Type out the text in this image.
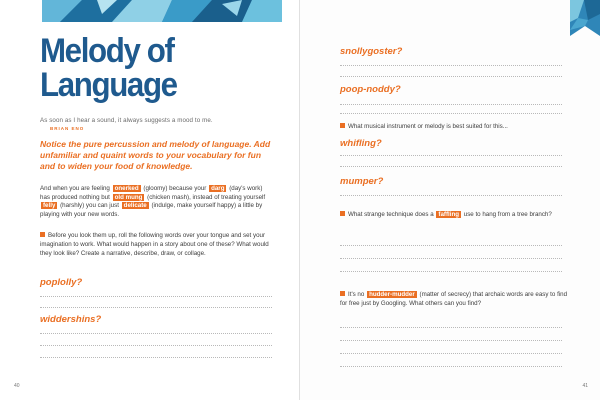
Melody of
Language
As soon as I hear a sound, it always suggests a mood to me.
BRIAN ENO
Notice the pure percussion and melody of language. Add unfamiliar and quaint words to your vocabulary for fun and to widen your food of knowledge.
And when you are feeling onerked (gloomy) because your darg (day's work) has produced nothing but old mung (chicken mash), instead of treating yourself felly (harshly) you can just delicate (indulge, make yourself happy) a little by playing with your new words.
Before you look them up, roll the following words over your tongue and set your imagination to work. What would happen in a story about one of these? What would they look like? Create a narrative, describe, draw, or collage.
poplolly?
widdershins?
40
snollygoster?
poop-noddy?
What musical instrument or melody is best suited for this...
whifling?
mumper?
What strange technique does a faffling use to hang from a tree branch?
It's no hudder-mudder (matter of secrecy) that archaic words are easy to find for free just by Googling. What others can you find?
41
